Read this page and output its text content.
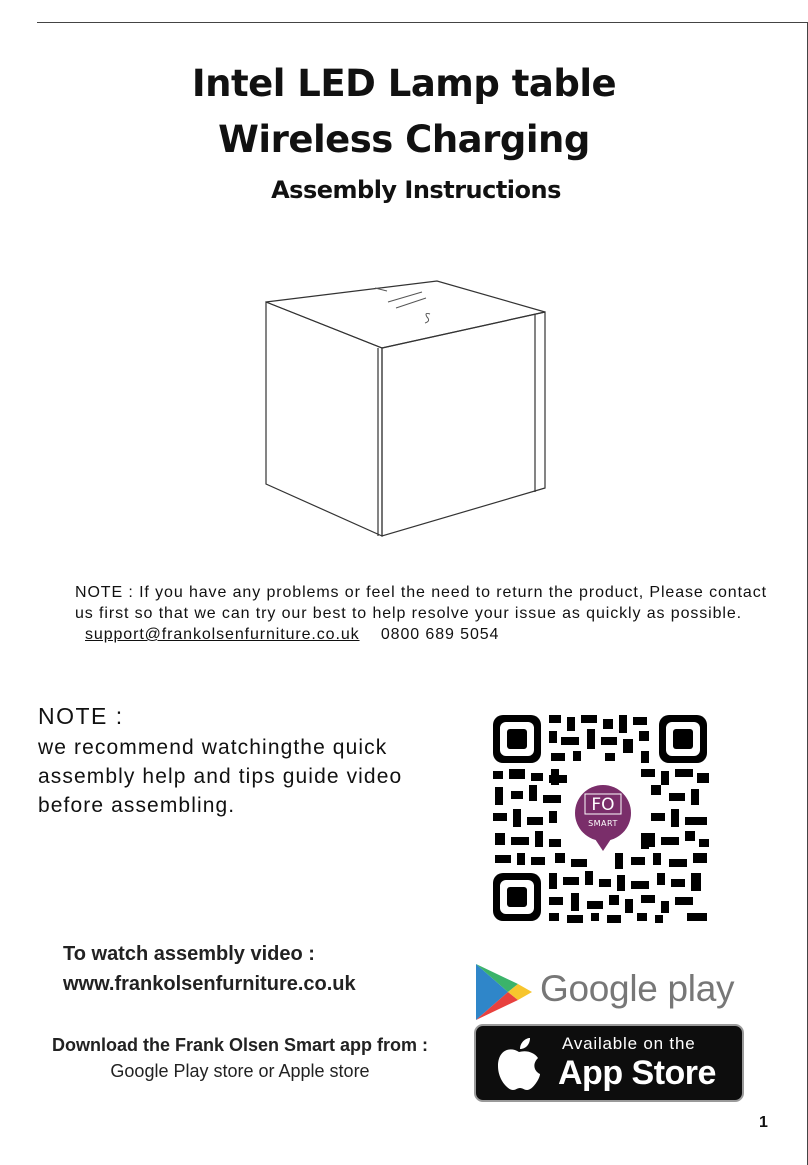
Intel LED Lamp table
Wireless Charging
Assembly Instructions
NOTE : If you have any problems or feel the need to return the product, Please contact us first so that we can try our best to help resolve your issue as quickly as possible. support@frankolsenfurniture.co.uk 0800 689 5054
NOTE :
we recommend watchingthe quick
assembly help and tips guide video
before assembling.	FO
SMART
To watch assembly video :
www.frankolsenfurniture.co.uk
Download the Frank Olsen Smart app from :
Google Play store or Apple store
Google play
Available on the
App Store
1
